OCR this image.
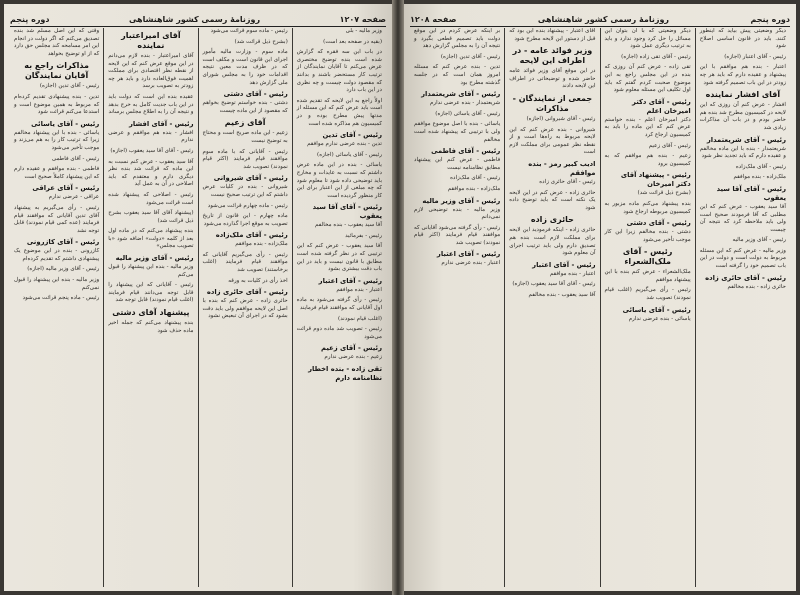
صفحه ۱۲۰۷
روزنامهٔ رسمی کشور شاهنشاهی
دوره پنجم

وزیر مالیه - بلی

(بقیه در صفحه بعد است)

در باب این سه فقره که گزارش شده است بنده توضیح مختصری عرض می‌کنم تا آقایان نمایندگان از ترتیب کار مستحضر باشند و بدانند که مقصود دولت چیست و چه نظری در این باب دارد

اولاً راجع به این لایحه که تقدیم شده است باید عرض کنم که این مسئله از مدتها پیش مطرح بوده و در کمیسیون هم مذاکره شده است

رئیس - آقای تدین

تدین - بنده عرضی ندارم موافقم

رئیس - آقای یاسائی (اجازه)

یاسائی - بنده در این ماده عرض داشتم که نسبت به عایدات و مخارج باید توضیحی داده شود تا معلوم شود که چه مبلغی از این اعتبار برای این کار منظور گردیده است

رئیس - آقای آقا سید یعقوب

آقا سید یعقوب - بنده مخالفم

رئیس - بفرمائید

آقا سید یعقوب - عرض کنم که این ترتیبی که در نظر گرفته شده است مطابق با قانون نیست و باید در این باب دقت بیشتری بشود

رئیس - آقای اعتبار

اعتبار - بنده موافقم

رئیس - رأی گرفته می‌شود به ماده اول آقایانی که موافقند قیام فرمایند

(اغلب قیام نمودند)

رئیس - تصویب شد ماده دوم قرائت می‌شود

رئیس - آقای زعیم

زعیم - بنده عرضی ندارم

تقی زاده - بنده اخطار نظامنامه دارم

رئیس - ماده سوم قرائت می‌شود

(بشرح ذیل قرائت شد)

ماده سوم - وزارت مالیه مأمور اجرای این قانون است و مکلف است که در ظرف مدت معین نتیجه اقدامات خود را به مجلس شورای ملی گزارش دهد

رئیس - آقای دشتی

دشتی - بنده خواستم توضیح بخواهم که مقصود از این ماده چیست

آقای زعیم

زعیم - این ماده صریح است و محتاج به توضیح نیست

رئیس - آقایانی که با ماده سوم موافقند قیام فرمایند (اکثر قیام نمودند) تصویب شد

رئیس - آقای شیروانی

شیروانی - بنده در کلیات عرض داشتم که این ترتیب صحیح نیست

رئیس - ماده چهارم قرائت می‌شود

ماده چهارم - این قانون از تاریخ تصویب به موقع اجرا گذارده می‌شود

رئیس - آقای ملک‌زاده

ملک‌زاده - بنده موافقم

رئیس - رأی می‌گیریم آقایانی که موافقند قیام فرمایند (اغلب برخاستند) تصویب شد

اخذ رأی در کلیات به ورقه

رئیس - آقای حائری زاده

حائری زاده - عرض کنم که بنده با اصل این لایحه موافقم ولی باید دقت بشود که در اجرای آن تبعیض نشود

آقای امیراعتبار نماینده

آقای امیراعتبار - بنده لازم می‌دانم در این موقع عرض کنم که این لایحه از نقطه نظر اقتصادی برای مملکت اهمیت فوق‌العاده دارد و باید هر چه زودتر به تصویب برسد

عقیده بنده این است که دولت باید در این باب جدیت کامل به خرج بدهد و نتیجه آن را به اطلاع مجلس برساند

رئیس - آقای افشار

افشار - بنده هم موافقم و عرضی ندارم

رئیس - آقای آقا سید یعقوب (اجازه)

آقا سید یعقوب - عرض کنم نسبت به این ماده که قرائت شد بنده نظر دیگری دارم و معتقدم که باید اصلاحی در آن به عمل آید

رئیس - اصلاحی که پیشنهاد شده است قرائت می‌شود

(پیشنهاد آقای آقا سید یعقوب بشرح ذیل قرائت شد)

بنده پیشنهاد می‌کنم که در ماده اول بعد از کلمه «دولت» اضافه شود «با تصویب مجلس»

رئیس - آقای وزیر مالیه

وزیر مالیه - بنده این پیشنهاد را قبول می‌کنم

رئیس - آقایانی که این پیشنهاد را قابل توجه می‌دانند قیام فرمایند (اغلب قیام نمودند) قابل توجه شد

پیشنهاد آقای دشتی

بنده پیشنهاد می‌کنم که جمله اخیر ماده حذف شود

وقتی که این اصل مسلم شد بنده تصدیق می‌کنم که اگر دولت در انجام این امر مسامحه کند مجلس حق دارد که از او توضیح بخواهد

مذاکرات راجع به آقایان نمایندگان

رئیس - آقای تدین (اجازه)

تدین - بنده پیشنهادی تقدیم کرده‌ام که مربوط به همین موضوع است و استدعا می‌کنم قرائت شود

رئیس - آقای یاسائی

یاسائی - بنده با این پیشنهاد مخالفم زیرا که ترتیب کار را به هم می‌زند و موجب تأخیر می‌شود

رئیس - آقای فاطمی

فاطمی - بنده موافقم و عقیده دارم که این پیشنهاد کاملاً صحیح است

رئیس - آقای عراقی

عراقی - عرضی ندارم

رئیس - رأی می‌گیریم به پیشنهاد آقای تدین آقایانی که موافقند قیام فرمایند (عده کمی قیام نمودند) قابل توجه نشد

رئیس - آقای کازرونی

کازرونی - بنده در این موضوع یک پیشنهادی داشتم که تقدیم کرده‌ام

رئیس - آقای وزیر مالیه (اجازه)

وزیر مالیه - بنده این پیشنهاد را قبول نمی‌کنم

رئیس - ماده پنجم قرائت می‌شود

دوره پنجم
روزنامهٔ رسمی کشور شاهنشاهی
صفحه ۱۲۰۸

دیگر وضعیتی پیش بیاید که اینطور کنند. باید در قانون اساسی اصلاح شود

رئیس - آقای اعتبار (اجازه)

اعتبار - بنده هم موافقم با این پیشنهاد و عقیده دارم که باید هر چه زودتر در این باب تصمیم گرفته شود

آقای افشار نماینده

افشار - عرض کنم آن روزی که این لایحه در کمیسیون مطرح شد بنده هم حاضر بودم و در باب آن مذاکرات زیادی شد

رئیس - آقای شریعتمدار

شریعتمدار - بنده با این ماده مخالفم و عقیده دارم که باید تجدید نظر شود

رئیس - آقای ملک‌زاده

ملک‌زاده - بنده موافقم

رئیس - آقای آقا سید یعقوب

آقا سید یعقوب - عرض کنم که این مطلبی که آقا فرمودند صحیح است ولی باید ملاحظه کرد که نتیجه آن چیست

رئیس - آقای وزیر مالیه

وزیر مالیه - عرض کنم که این مسئله مربوط به دولت است و دولت در این باب تصمیم خود را گرفته است

رئیس - آقای حائری زاده

حائری زاده - بنده مخالفم

دیگر وضعیتی که با آن بتوان این مسائل را حل کرد وجود ندارد و باید به ترتیب دیگری عمل شود

رئیس - آقای تقی زاده (اجازه)

تقی زاده - عرض کنم آن روزی که بنده در این مجلس راجع به این موضوع صحبت کردم گفتم که باید اول تکلیف این مسئله معلوم شود

رئیس - آقای دکتر امیرخان اعلم

دکتر امیرخان اعلم - بنده خواستم عرض کنم که این ماده را باید به کمیسیون ارجاع کرد

رئیس - آقای زعیم

زعیم - بنده هم موافقم که به کمیسیون برود

رئیس - پیشنهاد آقای دکتر امیرخان

(بشرح ذیل قرائت شد)

بنده پیشنهاد می‌کنم ماده مزبور به کمیسیون مربوطه ارجاع شود

رئیس - آقای دشتی

دشتی - بنده مخالفم زیرا این کار موجب تأخیر می‌شود

رئیس - آقای ملک‌الشعراء

ملک‌الشعراء - عرض کنم بنده با این پیشنهاد موافقم

رئیس - رأی می‌گیریم (اغلب قیام نمودند) تصویب شد

رئیس - آقای یاسائی

یاسائی - بنده عرضی ندارم

آقای اعتبار - پیشنهاد بنده این بود که قبل از دستور این لایحه مطرح شود

وزیر فوائد عامه - در اطراف این لایحه

در این موقع آقای وزیر فوائد عامه حاضر شده و توضیحاتی در اطراف این لایحه دادند

جمعی از نمایندگان - مذاکرات

رئیس - آقای شیروانی (اجازه)

شیروانی - بنده عرض کنم که این لایحه مربوط به راه‌ها است و از نقطه نظر عمومی برای مملکت لازم است

ادیب کبیر رمز - بنده موافقم

رئیس - آقای حائری زاده

حائری زاده - عرض کنم در این لایحه یک نکته است که باید توضیح داده شود

حائری زاده

حائری زاده - اینکه فرمودید این لایحه برای مملکت لازم است بنده هم تصدیق دارم ولی باید ترتیب اجرای آن معلوم شود

رئیس - آقای اعتبار

اعتبار - بنده موافقم

رئیس - آقای آقا سید یعقوب (اجازه)

آقا سید یعقوب - بنده مخالفم

بر اینکه عرض کردم در این موقع دولت باید تصمیم قطعی بگیرد و نتیجه آن را به مجلس گزارش دهد

رئیس - آقای تدین (اجازه)

تدین - بنده عرض کنم که مسئله امروز همان است که در جلسه گذشته مطرح بود

رئیس - آقای شریعتمدار

شریعتمدار - بنده عرضی ندارم

رئیس - آقای یاسائی (اجازه)

یاسائی - بنده با اصل موضوع موافقم ولی با ترتیبی که پیشنهاد شده است مخالفم

رئیس - آقای فاطمی

فاطمی - عرض کنم این پیشنهاد مطابق نظامنامه نیست

رئیس - آقای ملک‌زاده

ملک‌زاده - بنده موافقم

رئیس - آقای وزیر مالیه

وزیر مالیه - بنده توضیحی لازم نمی‌دانم

رئیس - رأی گرفته می‌شود آقایانی که موافقند قیام فرمایند (اکثر قیام نمودند) تصویب شد

رئیس - آقای اعتبار

اعتبار - بنده عرضی ندارم
